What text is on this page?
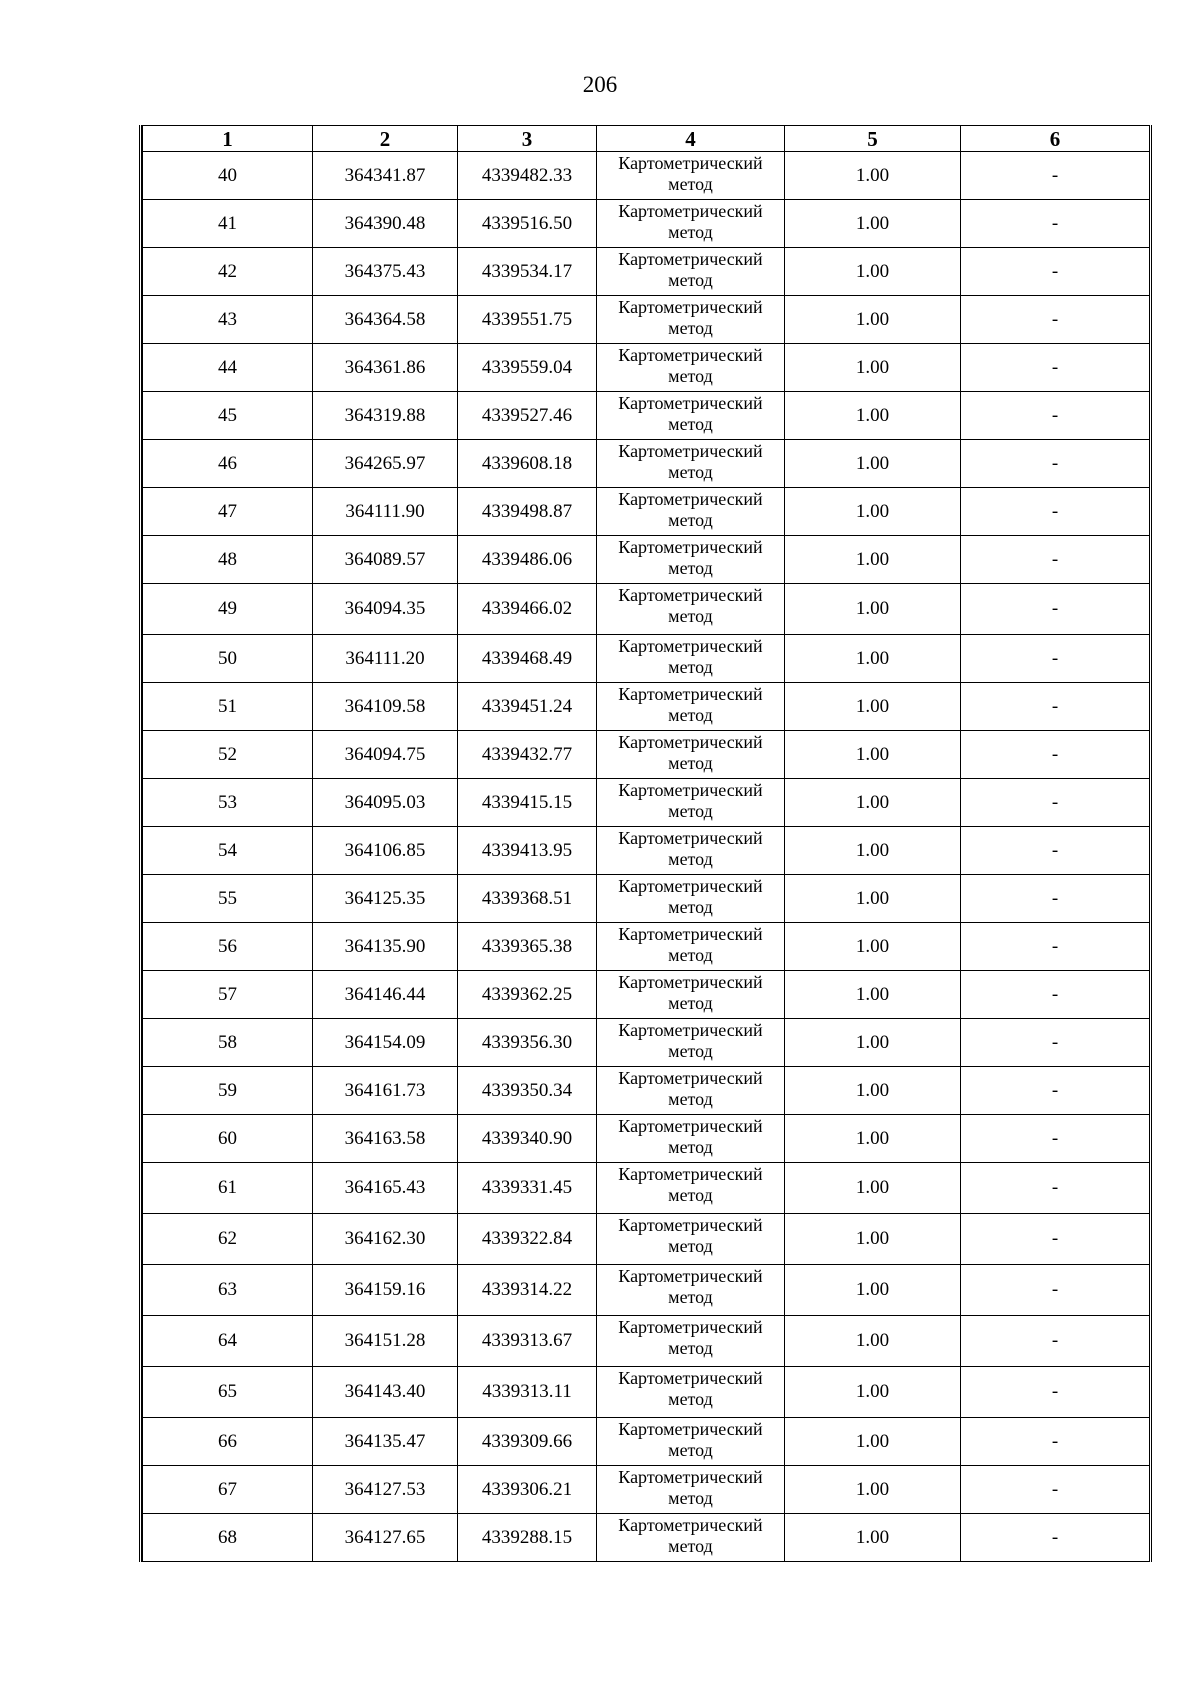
206
1	2	3	4	5	6
40	364341.87	4339482.33	Картометрический метод	1.00	-
41	364390.48	4339516.50	Картометрический метод	1.00	-
42	364375.43	4339534.17	Картометрический метод	1.00	-
43	364364.58	4339551.75	Картометрический метод	1.00	-
44	364361.86	4339559.04	Картометрический метод	1.00	-
45	364319.88	4339527.46	Картометрический метод	1.00	-
46	364265.97	4339608.18	Картометрический метод	1.00	-
47	364111.90	4339498.87	Картометрический метод	1.00	-
48	364089.57	4339486.06	Картометрический метод	1.00	-
49	364094.35	4339466.02	Картометрический метод	1.00	-
50	364111.20	4339468.49	Картометрический метод	1.00	-
51	364109.58	4339451.24	Картометрический метод	1.00	-
52	364094.75	4339432.77	Картометрический метод	1.00	-
53	364095.03	4339415.15	Картометрический метод	1.00	-
54	364106.85	4339413.95	Картометрический метод	1.00	-
55	364125.35	4339368.51	Картометрический метод	1.00	-
56	364135.90	4339365.38	Картометрический метод	1.00	-
57	364146.44	4339362.25	Картометрический метод	1.00	-
58	364154.09	4339356.30	Картометрический метод	1.00	-
59	364161.73	4339350.34	Картометрический метод	1.00	-
60	364163.58	4339340.90	Картометрический метод	1.00	-
61	364165.43	4339331.45	Картометрический метод	1.00	-
62	364162.30	4339322.84	Картометрический метод	1.00	-
63	364159.16	4339314.22	Картометрический метод	1.00	-
64	364151.28	4339313.67	Картометрический метод	1.00	-
65	364143.40	4339313.11	Картометрический метод	1.00	-
66	364135.47	4339309.66	Картометрический метод	1.00	-
67	364127.53	4339306.21	Картометрический метод	1.00	-
68	364127.65	4339288.15	Картометрический метод	1.00	-
